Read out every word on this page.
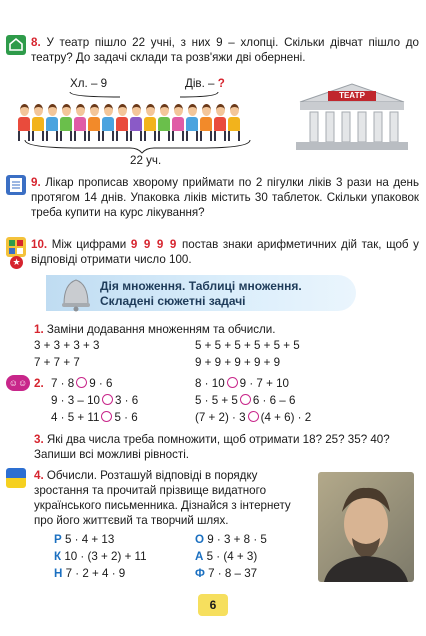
8. У театр пішло 22 учні, з них 9 – хлопці. Скільки дівчат пішло до театру? До задачі склади та розв'яжи дві обернені.
Хл. – 9	Дів. – ?
22 уч.
ТЕАТР
9. Лікар прописав хворому приймати по 2 пігулки ліків 3 рази на день протягом 14 днів. Упаковка ліків містить 30 таблеток. Скільки упаковок треба купити на курс лікування?
★
10. Між цифрами 9 9 9 9 постав знаки арифметичних дій так, щоб у відповіді отримати число 100.
Дія множення. Таблиці множення.
Складені сюжетні задачі
1. Заміни додавання множенням та обчисли.
3 + 3 + 3 + 3	5 + 5 + 5 + 5 + 5 + 5
7 + 7 + 7	9 + 9 + 9 + 9 + 9
☺☺ 2. 7 · 8 9 · 6	8 · 10 9 · 7 + 10
9 · 3 – 10 3 · 6	5 · 5 + 5 6 · 6 – 6
4 · 5 + 11 5 · 6	(7 + 2) · 3 (4 + 6) · 2
3. Які два числа треба помножити, щоб отримати 18? 25? 35? 40? Запиши всі можливі рівності.
4. Обчисли. Розташуй відповіді в порядку зростання та прочитай прізвище видатного українського письменника. Дізнайся з інтернету про його життєвий та творчий шлях.
Р 5 · 4 + 13	О 9 · 3 + 8 · 5
К 10 · (3 + 2) + 11	А 5 · (4 + 3)
Н 7 · 2 + 4 · 9	Ф 7 · 8 – 37
6
